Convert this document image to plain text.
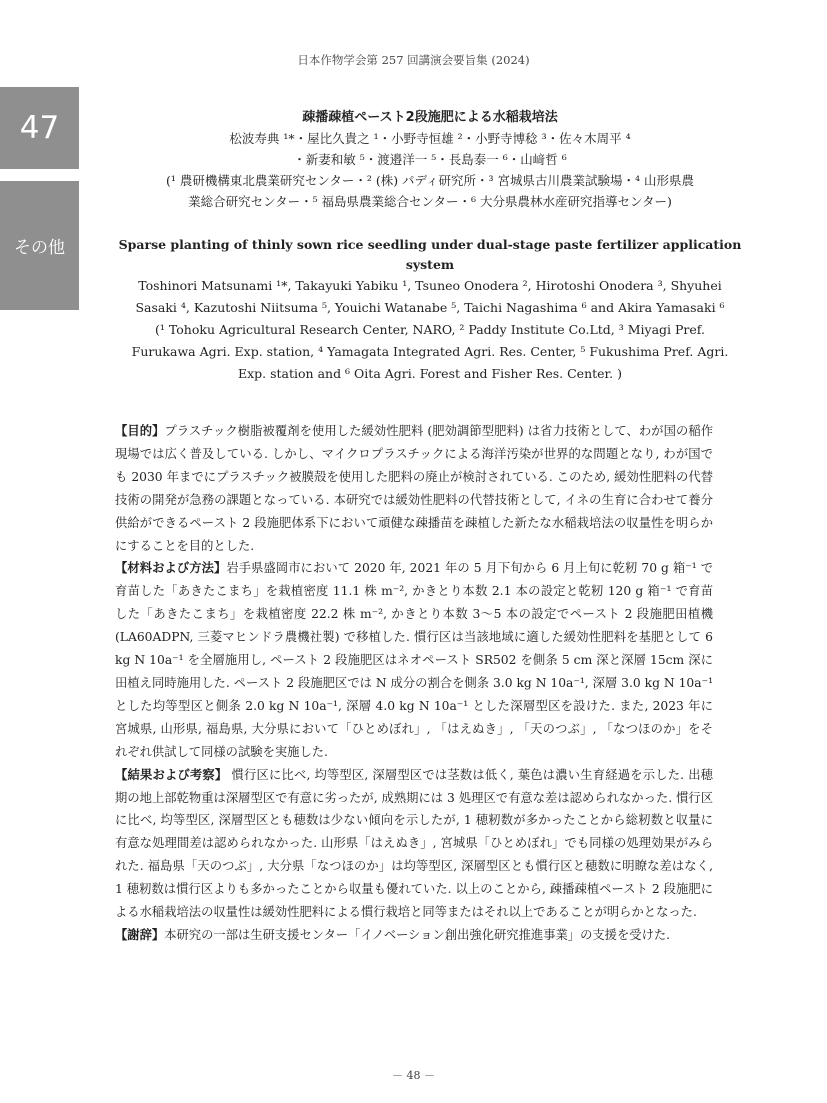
日本作物学会第 257 回講演会要旨集 (2024)
47
その他

疎播疎植ペースト2段施肥による水稲栽培法

松波寿典 ¹*・屋比久貴之 ¹・小野寺恒雄 ²・小野寺博稔 ³・佐々木周平 ⁴

・新妻和敏 ⁵・渡邉洋一 ⁵・長島泰一 ⁶・山﨑哲 ⁶

(¹ 農研機構東北農業研究センター・² (株) パディ研究所・³ 宮城県古川農業試験場・⁴ 山形県農

業総合研究センター・⁵ 福島県農業総合センター・⁶ 大分県農林水産研究指導センター)

Sparse planting of thinly sown rice seedling under dual-stage paste fertilizer application

system

Toshinori Matsunami ¹*, Takayuki Yabiku ¹, Tsuneo Onodera ², Hirotoshi Onodera ³, Shyuhei

Sasaki ⁴, Kazutoshi Niitsuma ⁵, Youichi Watanabe ⁵, Taichi Nagashima ⁶ and Akira Yamasaki ⁶

(¹ Tohoku Agricultural Research Center, NARO, ² Paddy Institute Co.Ltd, ³ Miyagi Pref.

Furukawa Agri. Exp. station, ⁴ Yamagata Integrated Agri. Res. Center, ⁵ Fukushima Pref. Agri.

Exp. station and ⁶ Oita Agri. Forest and Fisher Res. Center. )

【目的】プラスチック樹脂被覆剤を使用した緩効性肥料 (肥効調節型肥料) は省力技術として、わが国の稲作現場では広く普及している. しかし、マイクロプラスチックによる海洋汚染が世界的な問題となり, わが国でも 2030 年までにプラスチック被膜殻を使用した肥料の廃止が検討されている. このため, 緩効性肥料の代替技術の開発が急務の課題となっている. 本研究では緩効性肥料の代替技術として, イネの生育に合わせて養分供給ができるペースト 2 段施肥体系下において頑健な疎播苗を疎植した新たな水稲栽培法の収量性を明らかにすることを目的とした.

【材料および方法】岩手県盛岡市において 2020 年, 2021 年の 5 月下旬から 6 月上旬に乾籾 70 g 箱⁻¹ で育苗した「あきたこまち」を栽植密度 11.1 株 m⁻², かきとり本数 2.1 本の設定と乾籾 120 g 箱⁻¹ で育苗した「あきたこまち」を栽植密度 22.2 株 m⁻², かきとり本数 3～5 本の設定でペースト 2 段施肥田植機 (LA60ADPN, 三菱マヒンドラ農機社製) で移植した. 慣行区は当該地域に適した緩効性肥料を基肥として 6 kg N 10a⁻¹ を全層施用し, ペースト 2 段施肥区はネオペースト SR502 を側条 5 cm 深と深層 15cm 深に田植え同時施用した. ペースト 2 段施肥区では N 成分の割合を側条 3.0 kg N 10a⁻¹, 深層 3.0 kg N 10a⁻¹ とした均等型区と側条 2.0 kg N 10a⁻¹, 深層 4.0 kg N 10a⁻¹ とした深層型区を設けた. また, 2023 年に宮城県, 山形県, 福島県, 大分県において「ひとめぼれ」, 「はえぬき」, 「天のつぶ」, 「なつほのか」をそれぞれ供試して同様の試験を実施した.

【結果および考察】 慣行区に比べ, 均等型区, 深層型区では茎数は低く, 葉色は濃い生育経過を示した. 出穂期の地上部乾物重は深層型区で有意に劣ったが, 成熟期には 3 処理区で有意な差は認められなかった. 慣行区に比べ, 均等型区, 深層型区とも穂数は少ない傾向を示したが, 1 穂籾数が多かったことから総籾数と収量に有意な処理間差は認められなかった. 山形県「はえぬき」, 宮城県「ひとめぼれ」でも同様の処理効果がみられた. 福島県「天のつぶ」, 大分県「なつほのか」は均等型区, 深層型区とも慣行区と穂数に明瞭な差はなく, 1 穂籾数は慣行区よりも多かったことから収量も優れていた. 以上のことから, 疎播疎植ペースト 2 段施肥による水稲栽培法の収量性は緩効性肥料による慣行栽培と同等またはそれ以上であることが明らかとなった.

【謝辞】本研究の一部は生研支援センター「イノベーション創出強化研究推進事業」の支援を受けた.

－ 48 －
